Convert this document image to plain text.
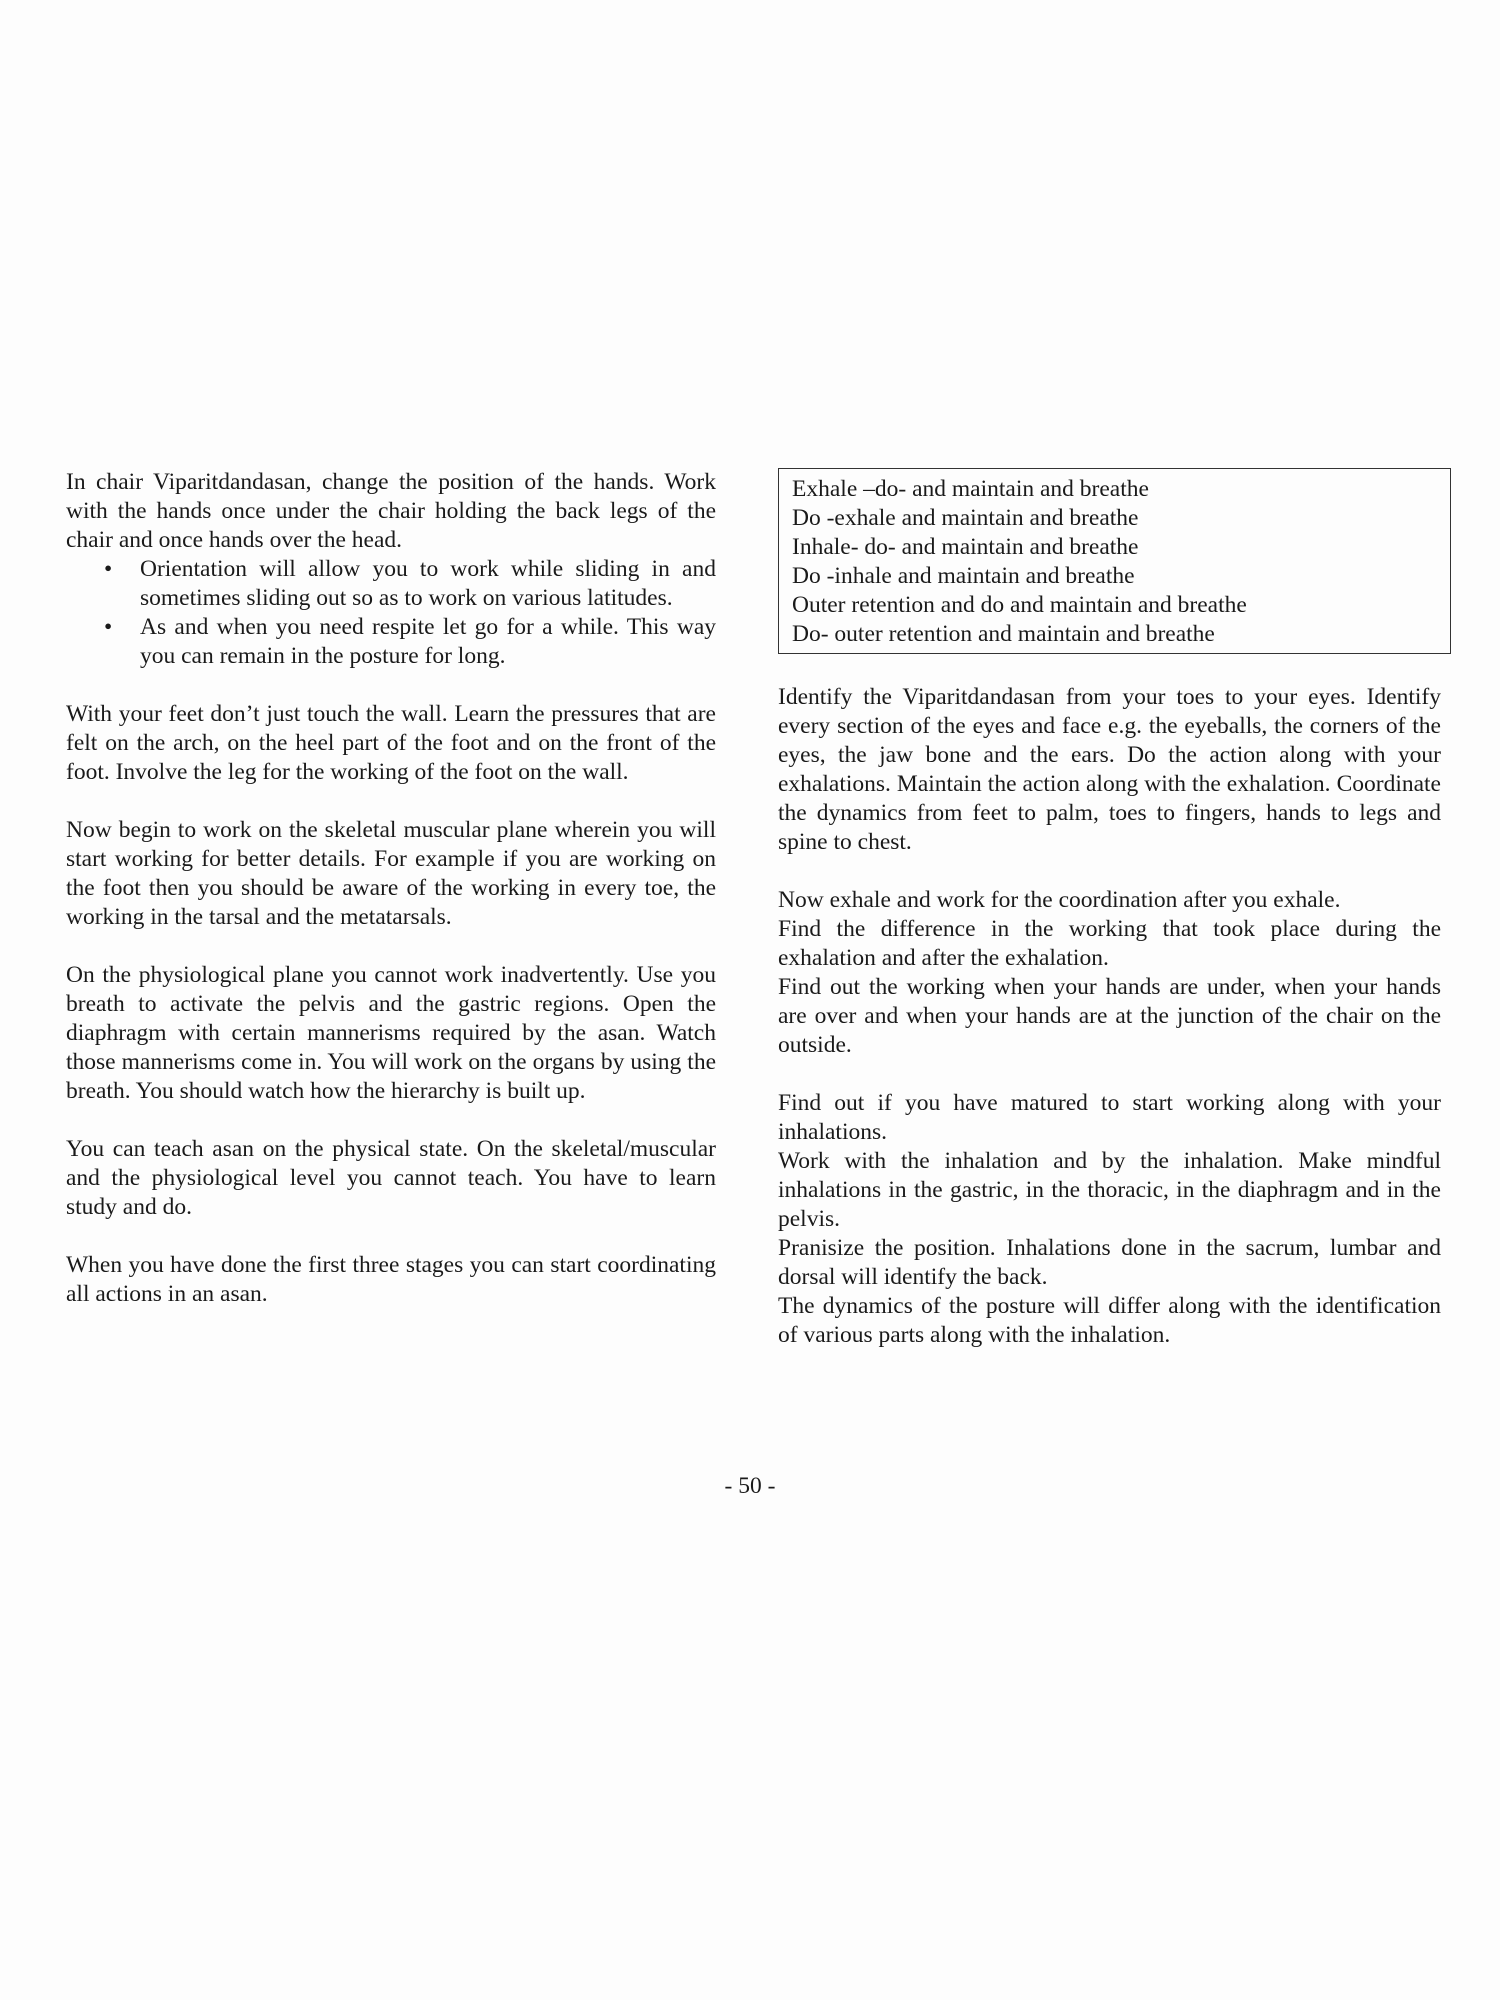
In chair Viparitdandasan, change the position of the hands. Work with the hands once under the chair holding the back legs of the chair and once hands over the head.

• Orientation will allow you to work while sliding in and sometimes sliding out so as to work on various latitudes.
• As and when you need respite let go for a while. This way you can remain in the posture for long.

With your feet don’t just touch the wall. Learn the pressures that are felt on the arch, on the heel part of the foot and on the front of the foot. Involve the leg for the working of the foot on the wall.

Now begin to work on the skeletal muscular plane wherein you will start working for better details. For example if you are working on the foot then you should be aware of the working in every toe, the working in the tarsal and the metatarsals.

On the physiological plane you cannot work inadvertently. Use you breath to activate the pelvis and the gastric regions. Open the diaphragm with certain mannerisms required by the asan. Watch those mannerisms come in. You will work on the organs by using the breath. You should watch how the hierarchy is built up.

You can teach asan on the physical state. On the skeletal/muscular and the physiological level you cannot teach. You have to learn study and do.

When you have done the first three stages you can start coordinating all actions in an asan.

Exhale –do- and maintain and breathe
Do -exhale and maintain and breathe
Inhale- do- and maintain and breathe
Do -inhale and maintain and breathe
Outer retention and do and maintain and breathe
Do- outer retention and maintain and breathe

Identify the Viparitdandasan from your toes to your eyes. Identify every section of the eyes and face e.g. the eyeballs, the corners of the eyes, the jaw bone and the ears. Do the action along with your exhalations. Maintain the action along with the exhalation. Coordinate the dynamics from feet to palm, toes to fingers, hands to legs and spine to chest.

Now exhale and work for the coordination after you exhale.

Find the difference in the working that took place during the exhalation and after the exhalation.

Find out the working when your hands are under, when your hands are over and when your hands are at the junction of the chair on the outside.

Find out if you have matured to start working along with your inhalations.

Work with the inhalation and by the inhalation. Make mindful inhalations in the gastric, in the thoracic, in the diaphragm and in the pelvis.

Pranisize the position. Inhalations done in the sacrum, lumbar and dorsal will identify the back.

The dynamics of the posture will differ along with the identification of various parts along with the inhalation.

- 50 -
